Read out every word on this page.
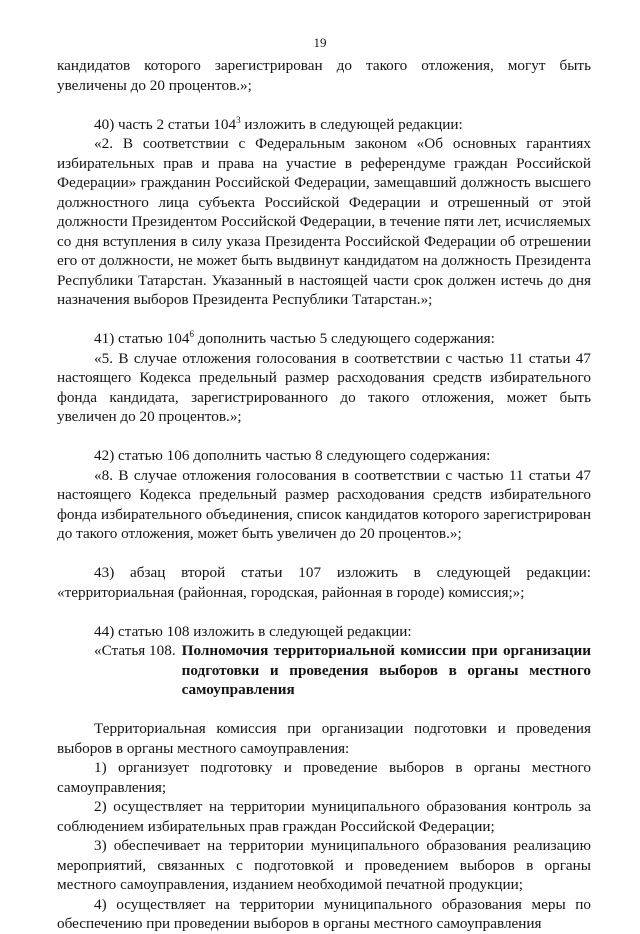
19

кандидатов которого зарегистрирован до такого отложения, могут быть увеличены до 20 процентов.»;

40) часть 2 статьи $104^3$ изложить в следующей редакции:

«2. В соответствии с Федеральным законом «Об основных гарантиях избирательных прав и права на участие в референдуме граждан Российской Федерации» гражданин Российской Федерации, замещавший должность высшего должностного лица субъекта Российской Федерации и отрешенный от этой должности Президентом Российской Федерации, в течение пяти лет, исчисляемых со дня вступления в силу указа Президента Российской Федерации об отрешении его от должности, не может быть выдвинут кандидатом на должность Президента Республики Татарстан. Указанный в настоящей части срок должен истечь до дня назначения выборов Президента Республики Татарстан.»;

41) статью $104^6$ дополнить частью 5 следующего содержания:

«5. В случае отложения голосования в соответствии с частью 11 статьи 47 настоящего Кодекса предельный размер расходования средств избирательного фонда кандидата, зарегистрированного до такого отложения, может быть увеличен до 20 процентов.»;

42) статью 106 дополнить частью 8 следующего содержания:

«8. В случае отложения голосования в соответствии с частью 11 статьи 47 настоящего Кодекса предельный размер расходования средств избирательного фонда избирательного объединения, список кандидатов которого зарегистрирован до такого отложения, может быть увеличен до 20 процентов.»;

43) абзац второй статьи 107 изложить в следующей редакции:

«территориальная (районная, городская, районная в городе) комиссия;»;

44) статью 108 изложить в следующей редакции:

«Статья 108. Полномочия территориальной комиссии при организации подготовки и проведения выборов в органы местного самоуправления

Территориальная комиссия при организации подготовки и проведения выборов в органы местного самоуправления:

1) организует подготовку и проведение выборов в органы местного самоуправления;

2) осуществляет на территории муниципального образования контроль за соблюдением избирательных прав граждан Российской Федерации;

3) обеспечивает на территории муниципального образования реализацию мероприятий, связанных с подготовкой и проведением выборов в органы местного самоуправления, изданием необходимой печатной продукции;

4) осуществляет на территории муниципального образования меры по обеспечению при проведении выборов в органы местного самоуправления
